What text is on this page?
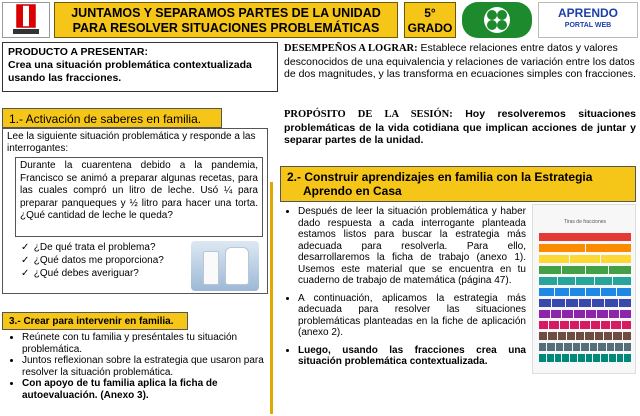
JUNTAMOS Y SEPARAMOS PARTES DE LA UNIDAD
PARA RESOLVER SITUACIONES PROBLEMÁTICAS
5°
GRADO
APRENDO
PORTAL WEB
PRODUCTO A PRESENTAR:
Crea una situación problemática contextualizada usando las fracciones.
DESEMPEÑOS A LOGRAR: Establece relaciones entre datos y valores desconocidos de una equivalencia y relaciones de variación entre los datos de dos magnitudes, y las transforma en ecuaciones simples con fracciones.
PROPÓSITO DE LA SESIÓN: Hoy resolveremos situaciones problemáticas de la vida cotidiana que implican acciones de juntar y separar partes de la unidad.
1.- Activación de saberes en familia.
Lee la siguiente situación problemática y responde a las interrogantes:
Durante la cuarentena debido a la pandemia, Francisco se animó a preparar algunas recetas, para las cuales compró un litro de leche. Usó ¼ para preparar panqueques y ½ litro para hacer una torta. ¿Qué cantidad de leche le queda?
✓ ¿De qué trata el problema?
✓ ¿Qué datos me proporciona?
✓ ¿Qué debes averiguar?
3.- Crear para intervenir en familia.
• Reúnete con tu familia y preséntales tu situación problemática.
• Juntos reflexionan sobre la estrategia que usaron para resolver la situación problemática.
• Con apoyo de tu familia aplica la ficha de autoevaluación. (Anexo 3).
2.- Construir aprendizajes en familia con la Estrategia
Aprendo en Casa
• Después de leer la situación problemática y haber dado respuesta a cada interrogante planteada estamos listos para buscar la estrategia más adecuada para resolverla. Para ello, desarrollaremos la ficha de trabajo (anexo 1). Usemos este material que se encuentra en tu cuaderno de trabajo de matemática (página 47).
• A continuación, aplicamos la estrategia más adecuada para resolver las situaciones problemáticas planteadas en la fiche de aplicación (anexo 2).
• Luego, usando las fracciones crea una situación problemática contextualizada.
Tiras de fracciones
